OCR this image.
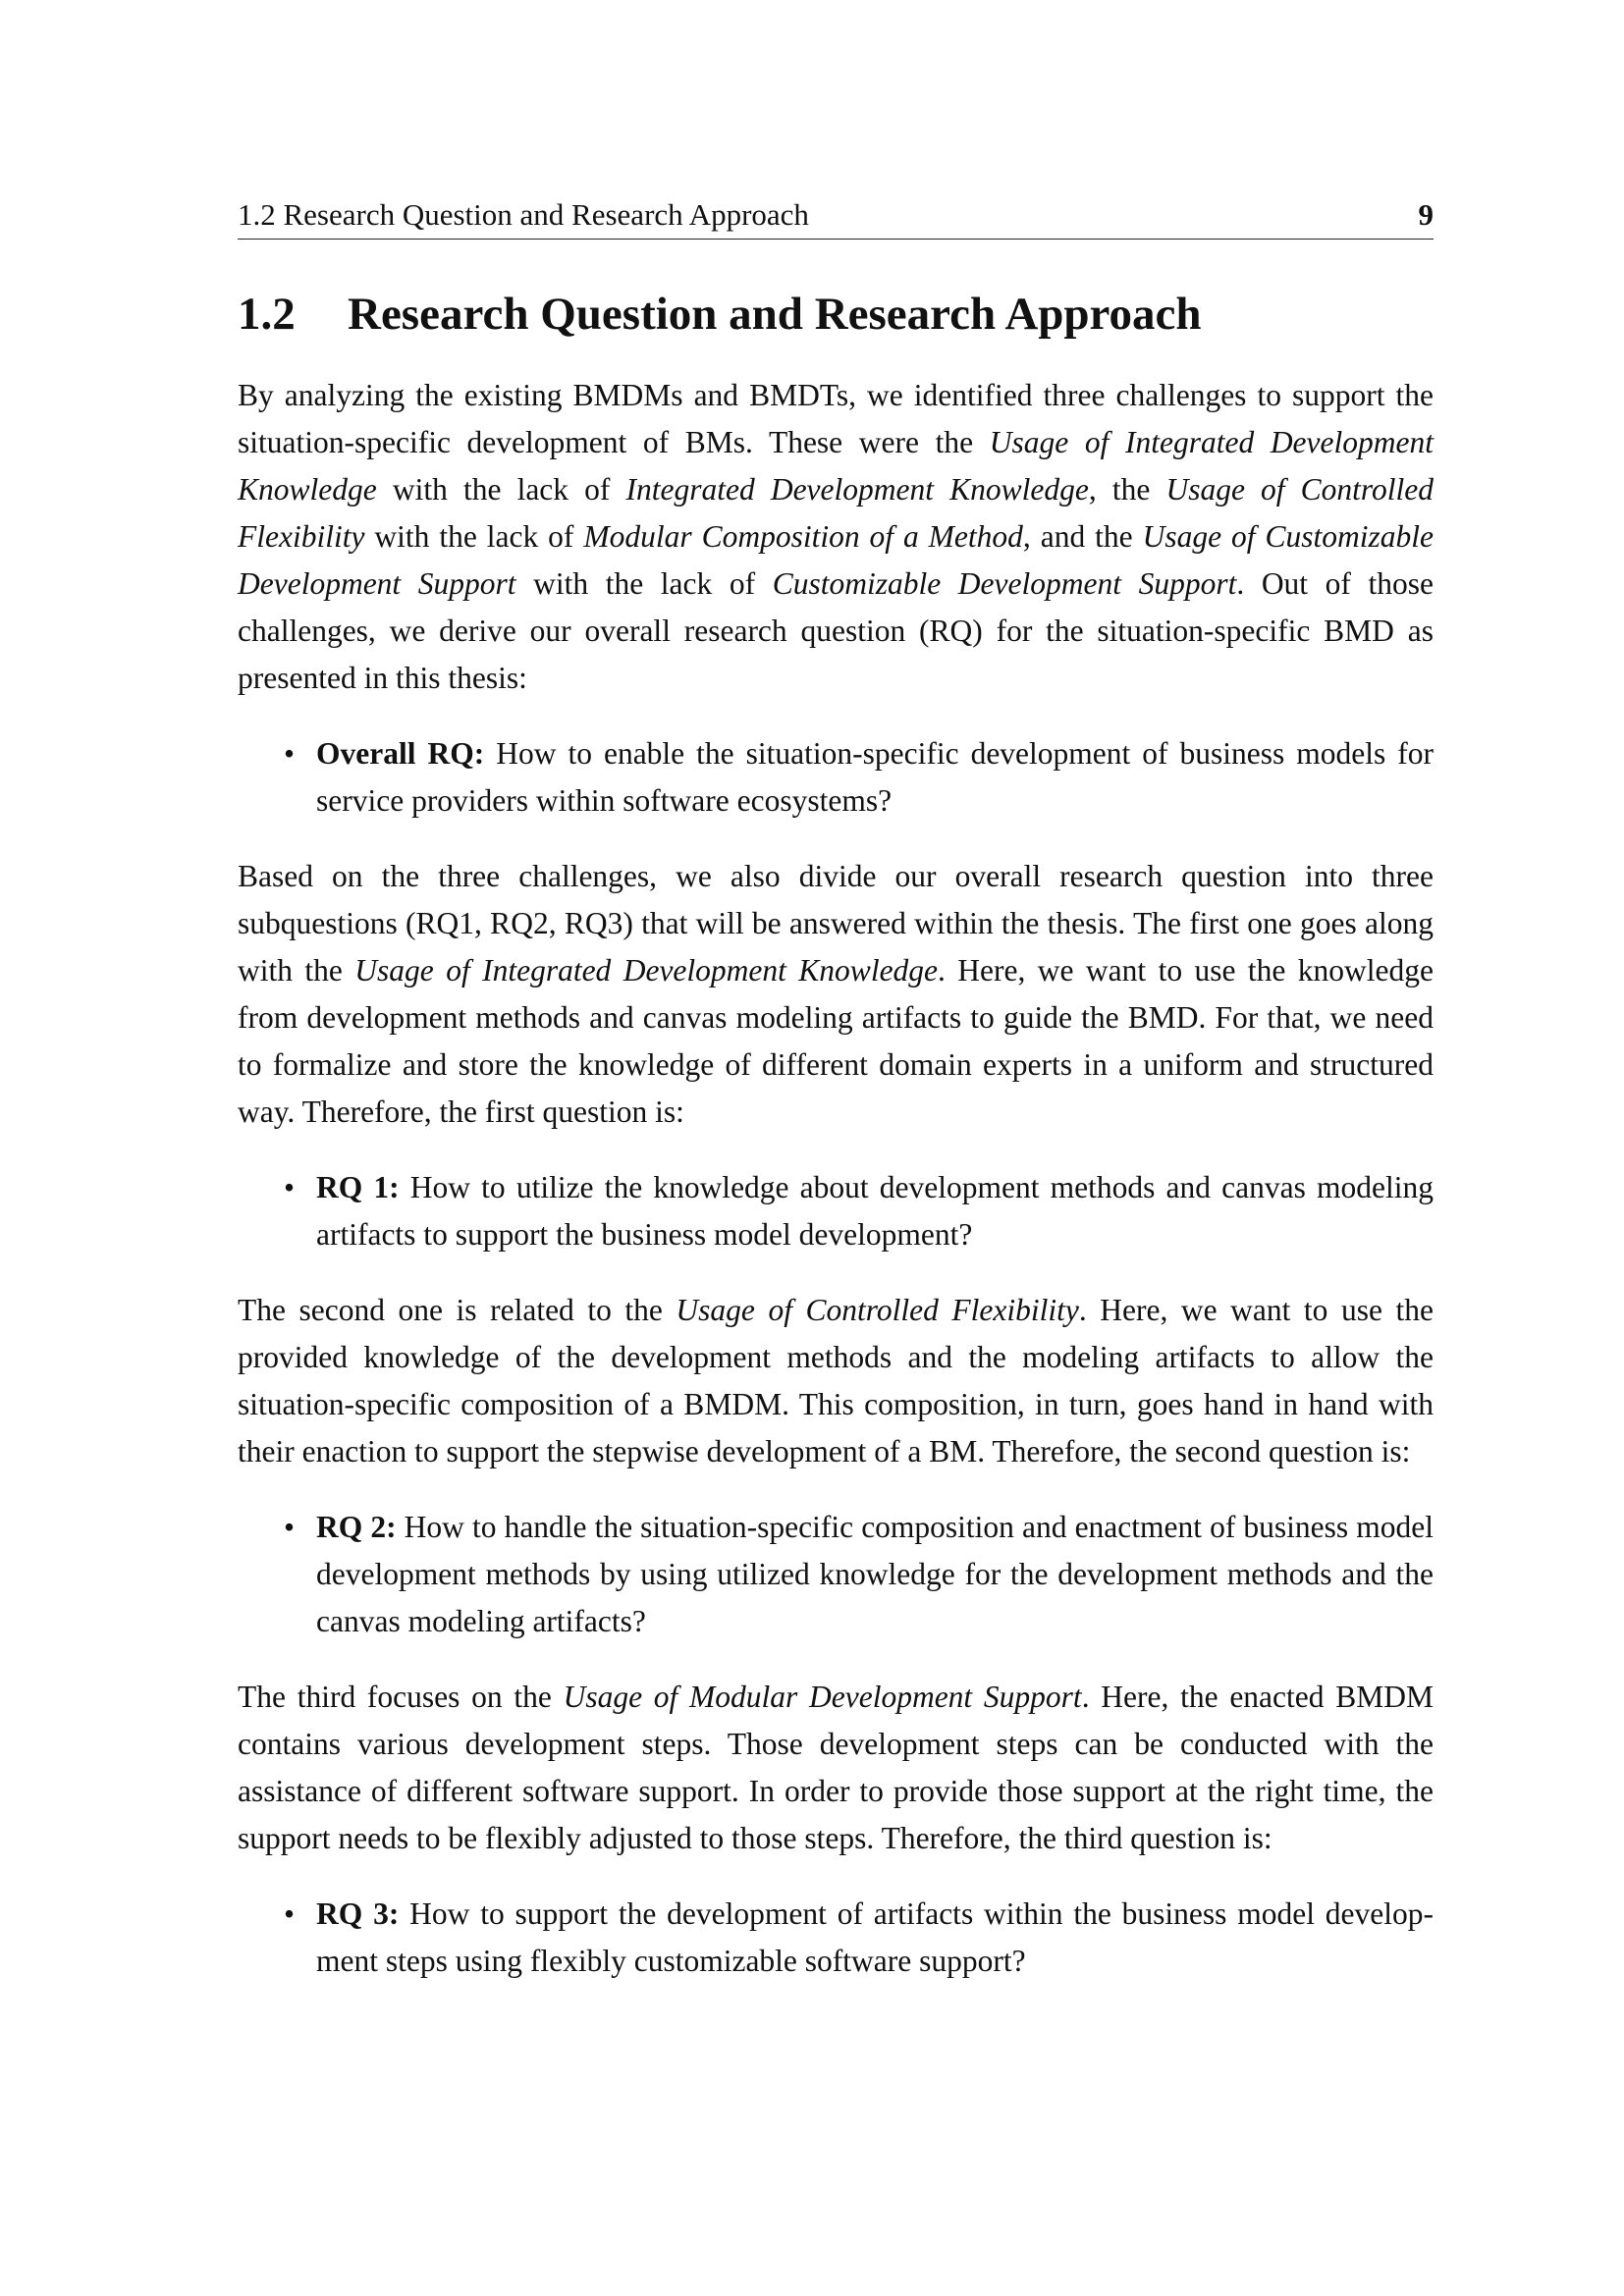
1.2 Research Question and Research Approach	9
1.2 Research Question and Research Approach

By analyzing the existing BMDMs and BMDTs, we identified three challenges to support the situation-specific development of BMs. These were the Usage of Integrated Development Knowledge with the lack of Integrated Development Knowledge, the Usage of Controlled Flexibility with the lack of Modular Composition of a Method, and the Usage of Customizable Development Support with the lack of Customizable Development Support. Out of those challenges, we derive our overall research question (RQ) for the situation-specific BMD as presented in this thesis:

• Overall RQ: How to enable the situation-specific development of business models for service providers within software ecosystems?

Based on the three challenges, we also divide our overall research question into three subquestions (RQ1, RQ2, RQ3) that will be answered within the thesis. The first one goes along with the Usage of Integrated Development Knowledge. Here, we want to use the knowledge from development methods and canvas modeling artifacts to guide the BMD. For that, we need to formalize and store the knowledge of different domain experts in a uniform and structured way. Therefore, the first question is:

• RQ 1: How to utilize the knowledge about development methods and canvas modeling artifacts to support the business model development?

The second one is related to the Usage of Controlled Flexibility. Here, we want to use the provided knowledge of the development methods and the modeling artifacts to allow the situation-specific composition of a BMDM. This composition, in turn, goes hand in hand with their enaction to support the stepwise development of a BM. Therefore, the second question is:

• RQ 2: How to handle the situation-specific composition and enactment of business model development methods by using utilized knowledge for the development methods and the canvas modeling artifacts?

The third focuses on the Usage of Modular Development Support. Here, the enacted BMDM contains various development steps. Those development steps can be conducted with the assistance of different software support. In order to provide those support at the right time, the support needs to be flexibly adjusted to those steps. Therefore, the third question is:

• RQ 3: How to support the development of artifacts within the business model develop-ment steps using flexibly customizable software support?
